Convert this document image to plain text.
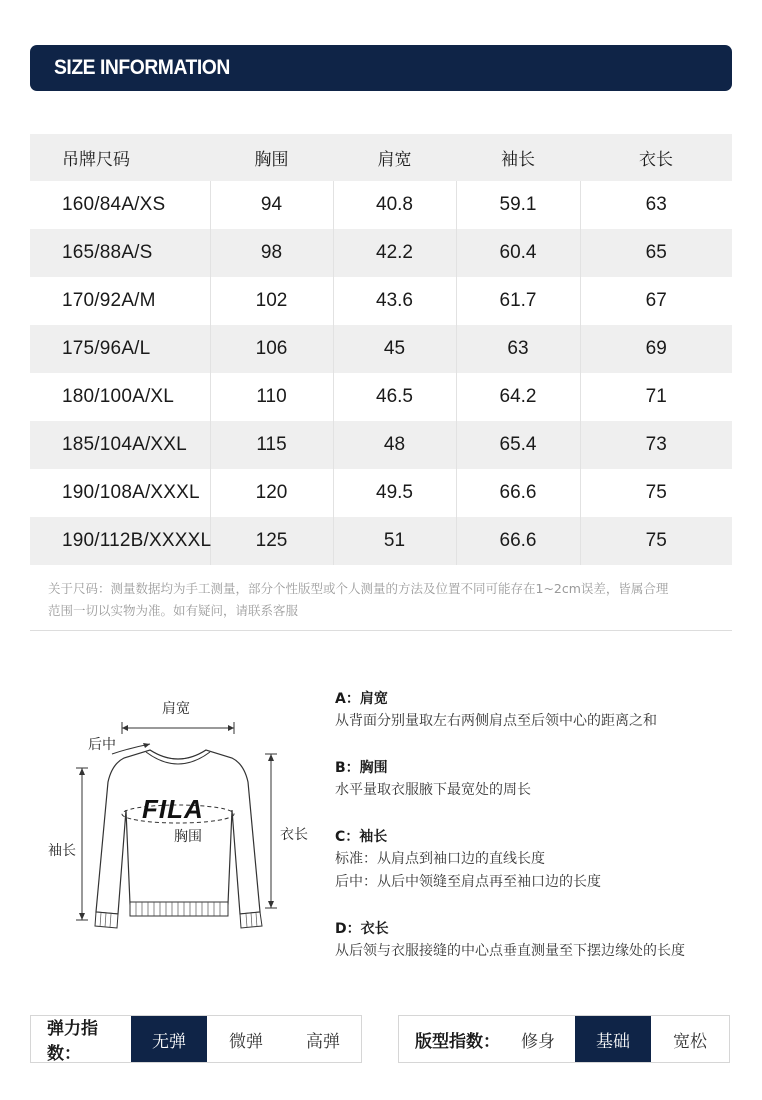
SIZE INFORMATION
吊牌尺码	胸围	肩宽	袖长	衣长
160/84A/XS	94	40.8	59.1	63
165/88A/S	98	42.2	60.4	65
170/92A/M	102	43.6	61.7	67
175/96A/L	106	45	63	69
180/100A/XL	110	46.5	64.2	71
185/104A/XXL	115	48	65.4	73
190/108A/XXXL	120	49.5	66.6	75
190/112B/XXXXL	125	51	66.6	75
关于尺码：测量数据均为手工测量，部分个性版型或个人测量的方法及位置不同可能存在1~2cm误差，皆属合理
范围一切以实物为准。如有疑问，请联系客服
肩宽
后中
袖长
衣长
FILA
胸围
A：肩宽
从背面分别量取左右两侧肩点至后领中心的距离之和
B：胸围
水平量取衣服腋下最宽处的周长
C：袖长
标准：从肩点到袖口边的直线长度
后中：从后中领缝至肩点再至袖口边的长度
D：衣长
从后领与衣服接缝的中心点垂直测量至下摆边缘处的长度
弹力指数：
无弹	微弹	高弹	版型指数：	修身	基础	宽松
